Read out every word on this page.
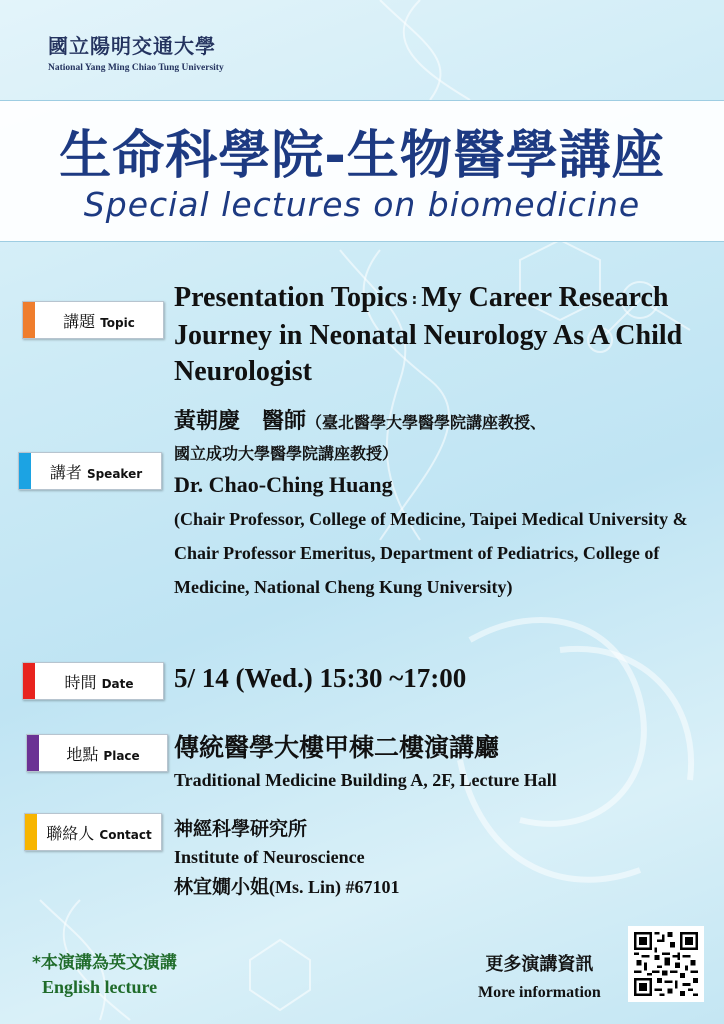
國立陽明交通大學
National Yang Ming Chiao Tung University
生命科學院-生物醫學講座
Special lectures on biomedicine
講題 Topic
Presentation Topics : My Career Research Journey in Neonatal Neurology As A Child Neurologist
講者 Speaker
黃朝慶　醫師（臺北醫學大學醫學院講座教授、
國立成功大學醫學院講座教授）
Dr. Chao-Ching Huang
(Chair Professor, College of Medicine, Taipei Medical University & Chair Professor Emeritus, Department of Pediatrics, College of Medicine, National Cheng Kung University)
時間 Date	5/ 14 (Wed.) 15:30 ~17:00
地點 Place	傳統醫學大樓甲棟二樓演講廳
Traditional Medicine Building A, 2F, Lecture Hall
聯絡人 Contact	神經科學研究所
Institute of Neuroscience
林宜嫺小姐(Ms. Lin) #67101
*本演講為英文演講
English lecture
更多演講資訊
More information
